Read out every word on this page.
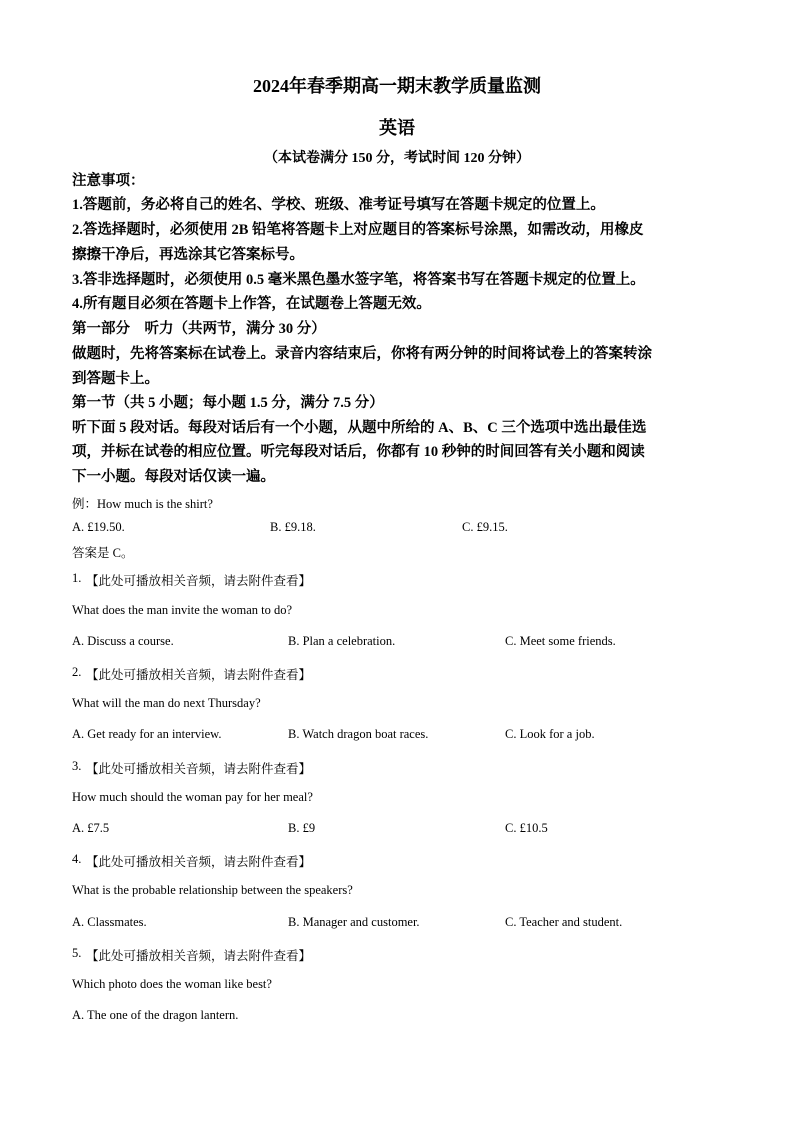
2024年春季期高一期末教学质量监测
英语
（本试卷满分 150 分，考试时间 120 分钟）
注意事项：
1.答题前，务必将自己的姓名、学校、班级、准考证号填写在答题卡规定的位置上。
2.答选择题时，必须使用 2B 铅笔将答题卡上对应题目的答案标号涂黑，如需改动，用橡皮
擦擦干净后，再选涂其它答案标号。
3.答非选择题时，必须使用 0.5 毫米黑色墨水签字笔，将答案书写在答题卡规定的位置上。
4.所有题目必须在答题卡上作答，在试题卷上答题无效。
第一部分　听力（共两节，满分 30 分）
做题时，先将答案标在试卷上。录音内容结束后，你将有两分钟的时间将试卷上的答案转涂
到答题卡上。
第一节（共 5 小题；每小题 1.5 分，满分 7.5 分）
听下面 5 段对话。每段对话后有一个小题，从题中所给的 A、B、C 三个选项中选出最佳选
项，并标在试卷的相应位置。听完每段对话后，你都有 10 秒钟的时间回答有关小题和阅读
下一小题。每段对话仅读一遍。
例：How much is the shirt?
A. £19.50.	B. £9.18.	C. £9.15.
答案是 C。
1. 【此处可播放相关音频，请去附件查看】
What does the man invite the woman to do?
A. Discuss a course.	B. Plan a celebration.	C. Meet some friends.
2. 【此处可播放相关音频，请去附件查看】
What will the man do next Thursday?
A. Get ready for an interview.	B. Watch dragon boat races.	C. Look for a job.
3. 【此处可播放相关音频，请去附件查看】
How much should the woman pay for her meal?
A. £7.5	B. £9	C. £10.5
4. 【此处可播放相关音频，请去附件查看】
What is the probable relationship between the speakers?
A. Classmates.	B. Manager and customer.	C. Teacher and student.
5. 【此处可播放相关音频，请去附件查看】
Which photo does the woman like best?
A. The one of the dragon lantern.
